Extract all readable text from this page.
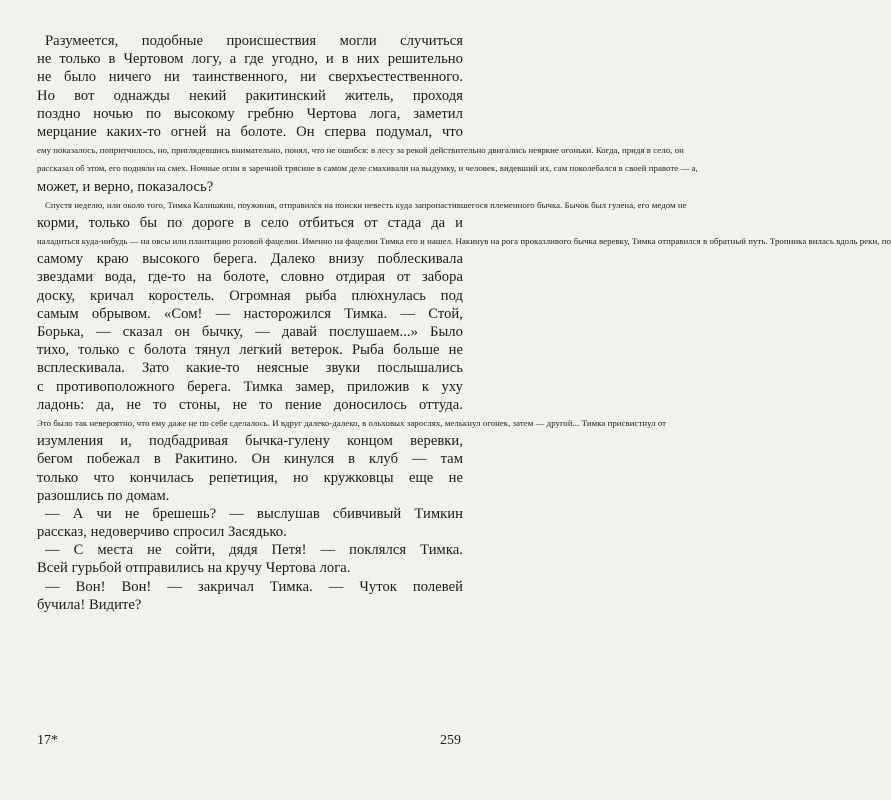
Разумеется, подобные происшествия могли случиться
не только в Чертовом логу, а где угодно, и в них решительно
не было ничего ни таинственного, ни сверхъестественного.
Но вот однажды некий ракитинский житель, проходя
поздно ночью по высокому гребню Чертова лога, заметил
мерцание каких-то огней на болоте. Он сперва подумал, что
ему показалось, попритчилось, но, приглядевшись внимательно, понял, что не ошибся: в лесу за рекой действительно двигались неяркие огоньки. Когда, придя в село, он
рассказал об этом, его подняли на смех. Ночные огни в заречной трясине в самом деле смахивали на выдумку, и человек, видевший их, сам поколебался в своей правоте — а,
может, и верно, показалось?
Спустя неделю, или около того, Тимка Калишкин, поужинав, отправился на поиски невесть куда запропастившегося племенного бычка. Бычок был гулена, его медом не
корми, только бы по дороге в село отбиться от стада да и
наладиться куда-нибудь — на овсы или плантацию розовой фацелии. Именно на фацелии Тимка его и нашел. Накинув на рога проказливого бычка веревку, Тимка отправился в обратный путь. Тропинка вилась вдоль реки, по
самому краю высокого берега. Далеко внизу поблескивала
звездами вода, где-то на болоте, словно отдирая от забора
доску, кричал коростель. Огромная рыба плюхнулась под
самым обрывом. «Сом! — насторожился Тимка. — Стой,
Борька, — сказал он бычку, — давай послушаем...» Было
тихо, только с болота тянул легкий ветерок. Рыба больше не
всплескивала. Зато какие-то неясные звуки послышались
с противоположного берега. Тимка замер, приложив к уху
ладонь: да, не то стоны, не то пение доносилось оттуда.
Это было так невероятно, что ему даже не по себе сделалось. И вдруг далеко-далеко, в ольховых зарослях, мелькнул огонек, затем — другой... Тимка присвистнул от
изумления и, подбадривая бычка-гулену концом веревки,
бегом побежал в Ракитино. Он кинулся в клуб — там
только что кончилась репетиция, но кружковцы еще не
разошлись по домам.
— А чи не брешешь? — выслушав сбивчивый Тимкин
рассказ, недоверчиво спросил Засядько.
— С места не сойти, дядя Петя! — поклялся Тимка.
Всей гурьбой отправились на кручу Чертова лога.
— Вон! Вон! — закричал Тимка. — Чуток полевей
бучила! Видите?
17*	259
